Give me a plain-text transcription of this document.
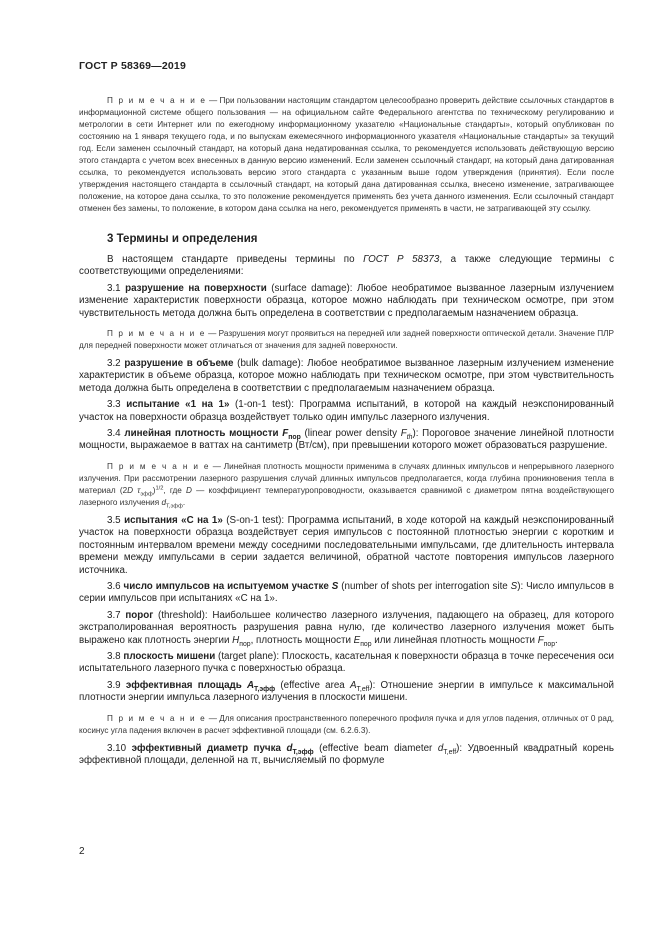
ГОСТ Р 58369—2019

П р и м е ч а н и е — При пользовании настоящим стандартом целесообразно проверить действие ссылочных стандартов в информационной системе общего пользования — на официальном сайте Федерального агентства по техническому регулированию и метрологии в сети Интернет или по ежегодному информационному указателю «Национальные стандарты», который опубликован по состоянию на 1 января текущего года, и по выпускам ежемесячного информационного указателя «Национальные стандарты» за текущий год. Если заменен ссылочный стандарт, на который дана недатированная ссылка, то рекомендуется использовать действующую версию этого стандарта с учетом всех внесенных в данную версию изменений. Если заменен ссылочный стандарт, на который дана датированная ссылка, то рекомендуется использовать версию этого стандарта с указанным выше годом утверждения (принятия). Если после утверждения настоящего стандарта в ссылочный стандарт, на который дана датированная ссылка, внесено изменение, затрагивающее положение, на которое дана ссылка, то это положение рекомендуется применять без учета данного изменения. Если ссылочный стандарт отменен без замены, то положение, в котором дана ссылка на него, рекомендуется применять в части, не затрагивающей эту ссылку.

3 Термины и определения

В настоящем стандарте приведены термины по ГОСТ Р 58373, а также следующие термины с соответствующими определениями:

3.1 разрушение на поверхности (surface damage): Любое необратимое вызванное лазерным излучением изменение характеристик поверхности образца, которое можно наблюдать при техническом осмотре, при этом чувствительность метода должна быть определена в соответствии с предполагаемым назначением образца.

П р и м е ч а н и е — Разрушения могут проявиться на передней или задней поверхности оптической детали. Значение ПЛР для передней поверхности может отличаться от значения для задней поверхности.

3.2 разрушение в объеме (bulk damage): Любое необратимое вызванное лазерным излучением изменение характеристик в объеме образца, которое можно наблюдать при техническом осмотре, при этом чувствительность метода должна быть определена в соответствии с предполагаемым назначением образца.

3.3 испытание «1 на 1» (1-on-1 test): Программа испытаний, в которой на каждый неэкспонированный участок на поверхности образца воздействует только один импульс лазерного излучения.

3.4 линейная плотность мощности $F_{пор}$ (linear power density $F_{th}$): Пороговое значение линейной плотности мощности, выражаемое в ваттах на сантиметр (Вт/см), при превышении которого может образоваться разрушение.

П р и м е ч а н и е — Линейная плотность мощности применима в случаях длинных импульсов и непрерывного лазерного излучения. При рассмотрении лазерного разрушения случай длинных импульсов предполагается, когда глубина проникновения тепла в материал (2D $\tau_{эфф})^{1/2}$, где D — коэффициент температуропроводности, оказывается сравнимой с диаметром пятна воздействующего лазерного излучения $d_{T,эфф}$.

3.5 испытания «С на 1» (S-on-1 test): Программа испытаний, в ходе которой на каждый неэкспонированный участок на поверхности образца воздействует серия импульсов с постоянной плотностью энергии с коротким и постоянным интервалом времени между соседними последовательными импульсами, где длительность интервала времени между импульсами в серии задается величиной, обратной частоте повторения импульсов лазерного источника.

3.6 число импульсов на испытуемом участке S (number of shots per interrogation site S): Число импульсов в серии импульсов при испытаниях «С на 1».

3.7 порог (threshold): Наибольшее количество лазерного излучения, падающего на образец, для которого экстраполированная вероятность разрушения равна нулю, где количество лазерного излучения может быть выражено как плотность энергии $H_{пор}$, плотность мощности $E_{пор}$ или линейная плотность мощности $F_{пор}$.

3.8 плоскость мишени (target plane): Плоскость, касательная к поверхности образца в точке пересечения оси испытательного лазерного пучка с поверхностью образца.

3.9 эффективная площадь $A_{T,эфф}$ (effective area $A_{T,eff}$): Отношение энергии в импульсе к максимальной плотности энергии импульса лазерного излучения в плоскости мишени.

П р и м е ч а н и е — Для описания пространственного поперечного профиля пучка и для углов падения, отличных от 0 рад, косинус угла падения включен в расчет эффективной площади (см. 6.2.6.3).

3.10 эффективный диаметр пучка $d_{T,эфф}$ (effective beam diameter $d_{T,eff}$): Удвоенный квадратный корень эффективной площади, деленной на π, вычисляемый по формуле

2
